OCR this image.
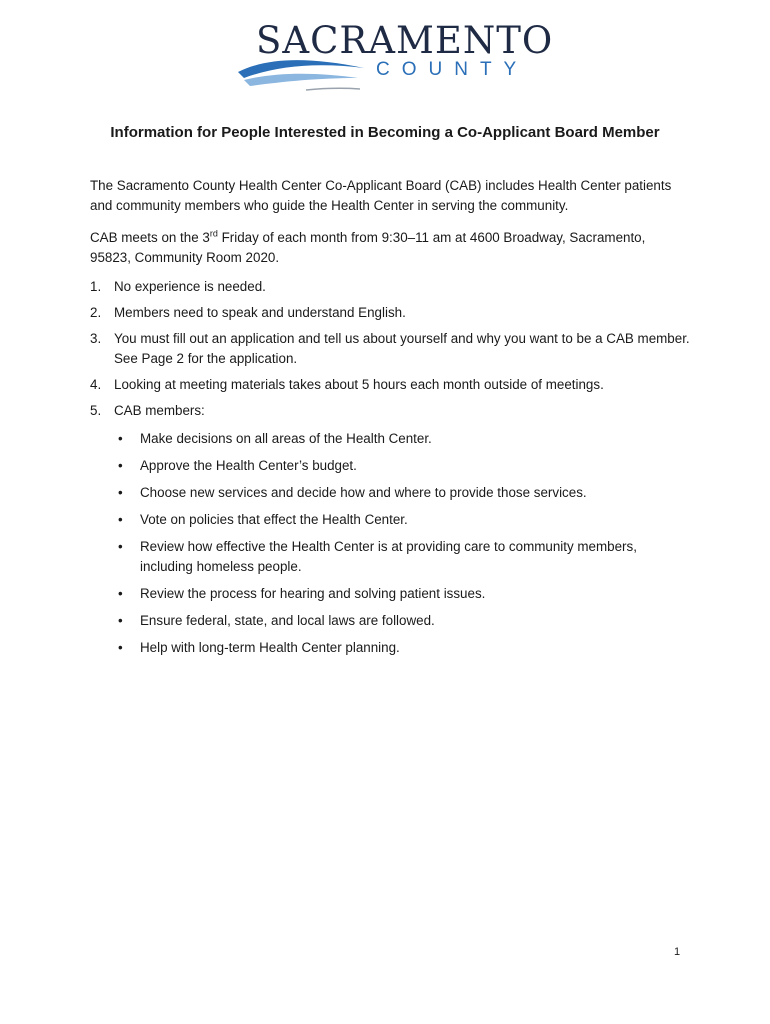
SACRAMENTO
COUNTY
Information for People Interested in Becoming a Co-Applicant Board Member
The Sacramento County Health Center Co-Applicant Board (CAB) includes Health Center patients and community members who guide the Health Center in serving the community.
CAB meets on the 3rd Friday of each month from 9:30–11 am at 4600 Broadway, Sacramento, 95823, Community Room 2020.
1. No experience is needed.
2. Members need to speak and understand English.
3. You must fill out an application and tell us about yourself and why you want to be a CAB member. See Page 2 for the application.
4. Looking at meeting materials takes about 5 hours each month outside of meetings.
5. CAB members:
• Make decisions on all areas of the Health Center.
• Approve the Health Center’s budget.
• Choose new services and decide how and where to provide those services.
• Vote on policies that effect the Health Center.
• Review how effective the Health Center is at providing care to community members, including homeless people.
• Review the process for hearing and solving patient issues.
• Ensure federal, state, and local laws are followed.
• Help with long-term Health Center planning.
1
